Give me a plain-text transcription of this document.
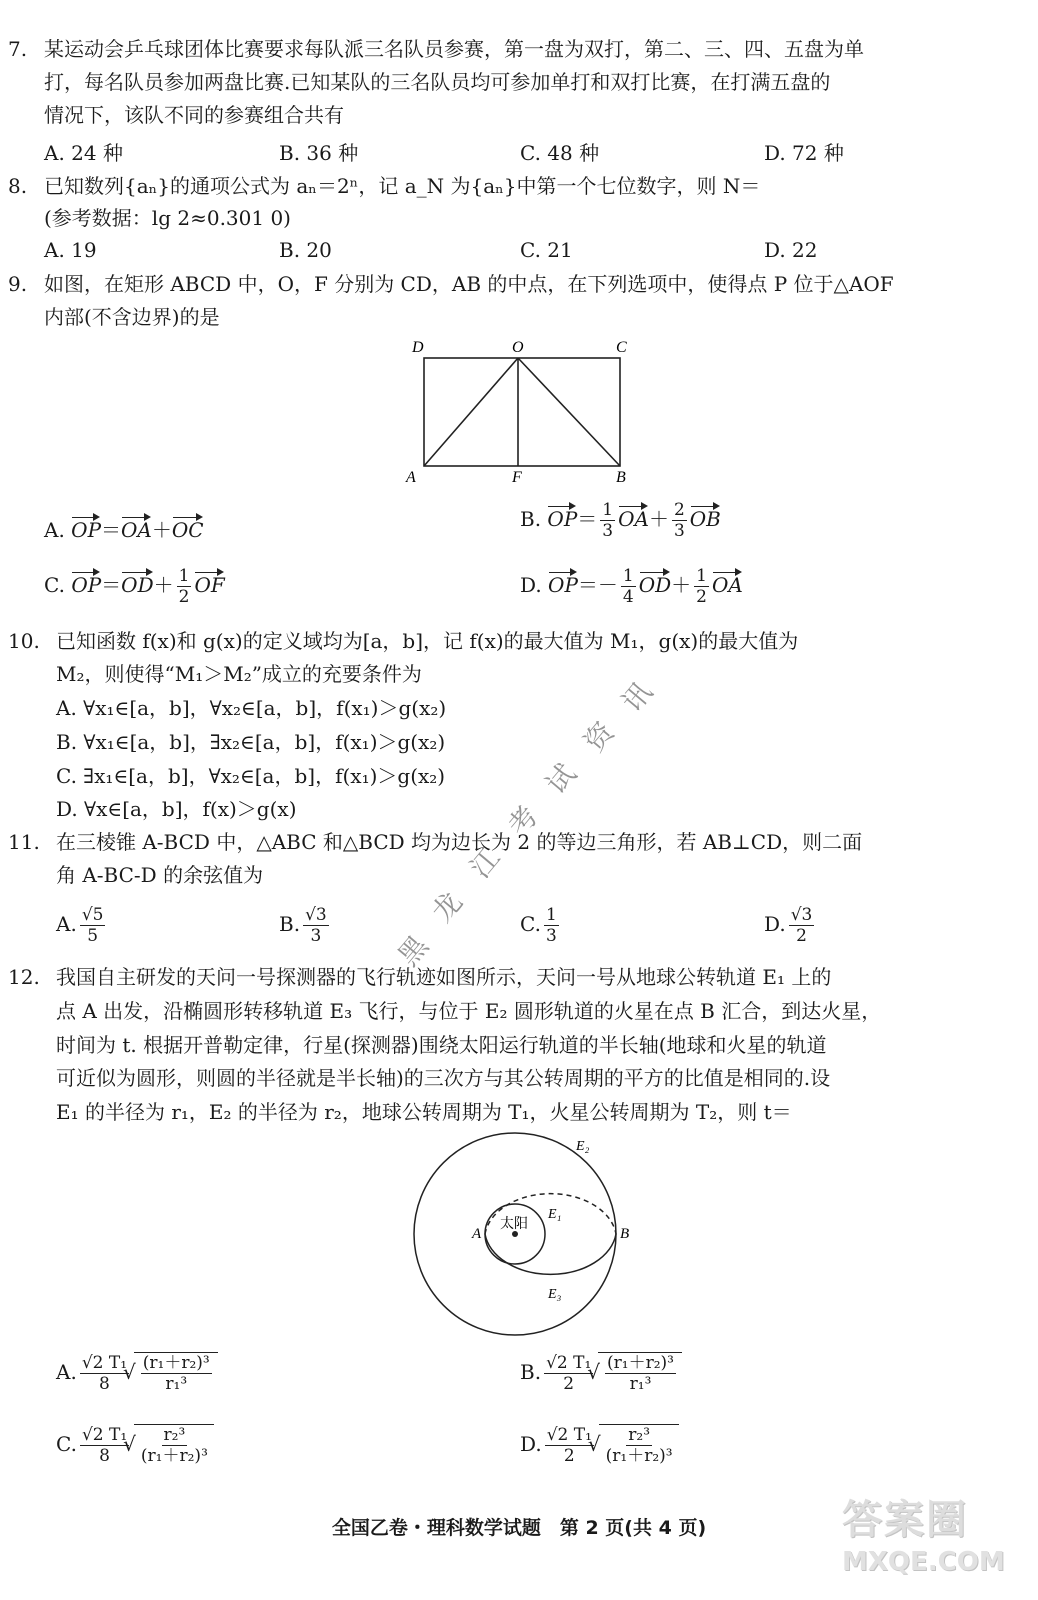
7. 某运动会乒乓球团体比赛要求每队派三名队员参赛，第一盘为双打，第二、三、四、五盘为单
打，每名队员参加两盘比赛.已知某队的三名队员均可参加单打和双打比赛，在打满五盘的
情况下，该队不同的参赛组合共有
A. 24 种	B. 36 种	C. 48 种	D. 72 种
8. 已知数列{aₙ}的通项公式为 aₙ＝2ⁿ，记 a_N 为{aₙ}中第一个七位数字，则 N＝
(参考数据：lg 2≈0.301 0)
A. 19	B. 20	C. 21	D. 22
9. 如图，在矩形 ABCD 中，O，F 分别为 CD，AB 的中点，在下列选项中，使得点 P 位于△AOF
内部(不含边界)的是
D	O	C
A	F	B
A. OP＝OA＋OC	B. $OP= \frac{1}{3} OA+ \frac{2}{3}$ OB
C. $OP=OD+ \frac{1}{2}$ OF	D. $OP=- \frac{1}{4} OD+ \frac{1}{2}$ OA
10. 已知函数 f(x)和 g(x)的定义域均为[a，b]，记 f(x)的最大值为 M₁，g(x)的最大值为
M₂，则使得“M₁＞M₂”成立的充要条件为
A. ∀x₁∈[a，b]，∀x₂∈[a，b]，f(x₁)＞g(x₂)
B. ∀x₁∈[a，b]，∃x₂∈[a，b]，f(x₁)＞g(x₂)
C. ∃x₁∈[a，b]，∀x₂∈[a，b]，f(x₁)＞g(x₂)
D. ∀x∈[a，b]，f(x)＞g(x)
11. 在三棱锥 A-BCD 中，△ABC 和△BCD 均为边长为 2 的等边三角形，若 AB⊥CD，则二面
角 A-BC-D 的余弦值为
A. $\frac{√5}{5}$	B. $\frac{√3}{3}$	C. $\frac{1}{3}$	D. $\frac{√3}{2}$
12. 我国自主研发的天问一号探测器的飞行轨迹如图所示，天问一号从地球公转轨道 E₁ 上的
点 A 出发，沿椭圆形转移轨道 E₃ 飞行，与位于 E₂ 圆形轨道的火星在点 B 汇合，到达火星，
时间为 t. 根据开普勒定律，行星(探测器)围绕太阳运行轨道的半长轴(地球和火星的轨道
可近似为圆形，则圆的半径就是半长轴)的三次方与其公转周期的平方的比值是相同的.设
E₁ 的半径为 r₁，E₂ 的半径为 r₂，地球公转周期为 T₁，火星公转周期为 T₂，则 t＝
太阳
E₂
E₁
E₃
A	B
A. $\frac{\text{√2 T₁}}{8}$ √ $\frac{\text{(r₁＋r₂)³}}{\text{r₁³}}$	B. $\frac{\text{√2 T₁}}{2}$ √ $\frac{\text{(r₁＋r₂)³}}{\text{r₁³}}$
C. $\frac{\text{√2 T₁}}{8}$ √ $\frac{\text{r₂³}}{\text{(r₁＋r₂)³}}$	D. $\frac{\text{√2 T₁}}{2}$ √ $\frac{\text{r₂³}}{\text{(r₁＋r₂)³}}$
黑
龙
江
考
试
资
讯
全国乙卷・理科数学试题　第 2 页(共 4 页)	答案圈
MXQE.COM
